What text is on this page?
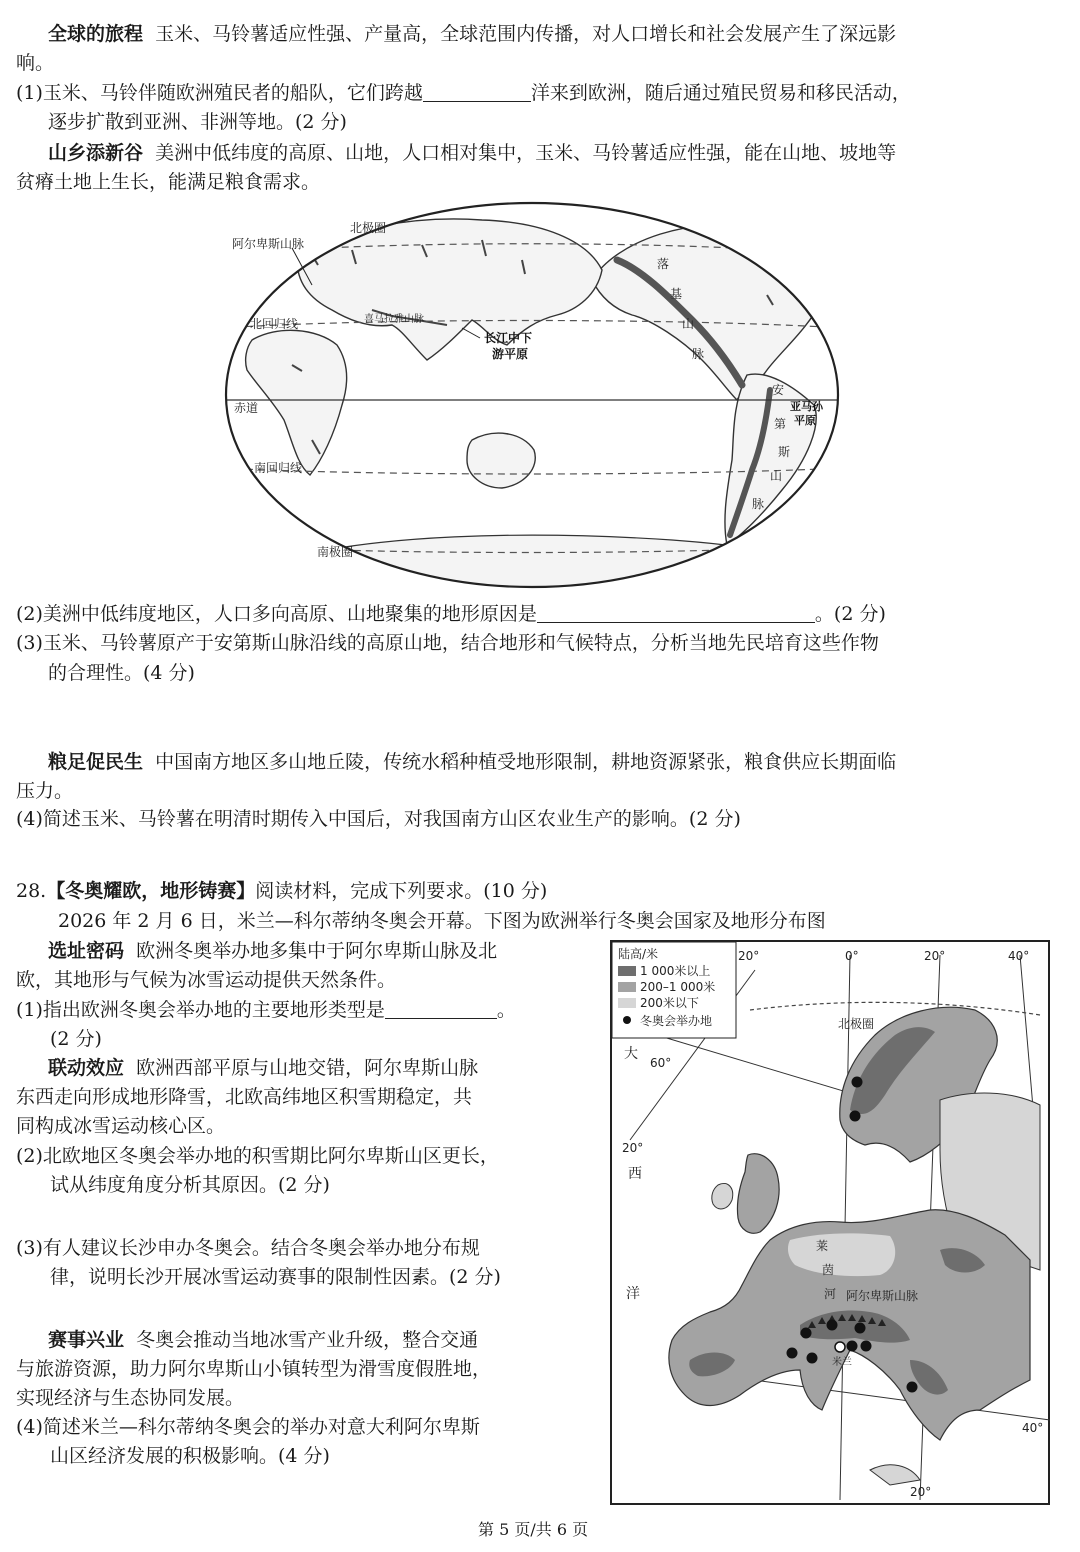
全球的旅程 玉米、马铃薯适应性强、产量高，全球范围内传播，对人口增长和社会发展产生了深远影
响。
(1)玉米、马铃伴随欧洲殖民者的船队，它们跨越	洋来到欧洲，随后通过殖民贸易和移民活动，
逐步扩散到亚洲、非洲等地。(2 分)
山乡添新谷 美洲中低纬度的高原、山地，人口相对集中，玉米、马铃薯适应性强，能在山地、坡地等
贫瘠土地上生长，能满足粮食需求。
阿尔卑斯山脉
北极圈
北回归线
赤道
南回归线
南极圈
喜马拉雅山脉
长江中下
游平原
落
基
山
脉
安
第
斯
山
脉
亚马孙
平原
(2)美洲中低纬度地区，人口多向高原、山地聚集的地形原因是	。(2 分)
(3)玉米、马铃薯原产于安第斯山脉沿线的高原山地，结合地形和气候特点，分析当地先民培育这些作物
的合理性。(4 分)
粮足促民生 中国南方地区多山地丘陵，传统水稻种植受地形限制，耕地资源紧张，粮食供应长期面临
压力。
(4)简述玉米、马铃薯在明清时期传入中国后，对我国南方山区农业生产的影响。(2 分)
28.【冬奥耀欧，地形铸赛】阅读材料，完成下列要求。(10 分)
2026 年 2 月 6 日，米兰—科尔蒂纳冬奥会开幕。下图为欧洲举行冬奥会国家及地形分布图
选址密码 欧洲冬奥举办地多集中于阿尔卑斯山脉及北
欧，其地形与气候为冰雪运动提供天然条件。
(1)指出欧洲冬奥会举办地的主要地形类型是	。
(2 分)
联动效应 欧洲西部平原与山地交错，阿尔卑斯山脉
东西走向形成地形降雪，北欧高纬地区积雪期稳定，共
同构成冰雪运动核心区。
(2)北欧地区冬奥会举办地的积雪期比阿尔卑斯山区更长，
试从纬度角度分析其原因。(2 分)
(3)有人建议长沙申办冬奥会。结合冬奥会举办地分布规
律，说明长沙开展冰雪运动赛事的限制性因素。(2 分)
赛事兴业 冬奥会推动当地冰雪产业升级，整合交通
与旅游资源，助力阿尔卑斯山小镇转型为滑雪度假胜地，
实现经济与生态协同发展。
(4)简述米兰—科尔蒂纳冬奥会的举办对意大利阿尔卑斯
山区经济发展的积极影响。(4 分)
陆高/米
1 000米以上
200–1 000米
200米以下
冬奥会举办地
20°	0°	20°	40°
60°
40°
20°
20°
大
西
洋
北极圈
莱
茵
河 阿尔卑斯山脉
米兰
第 5 页/共 6 页
